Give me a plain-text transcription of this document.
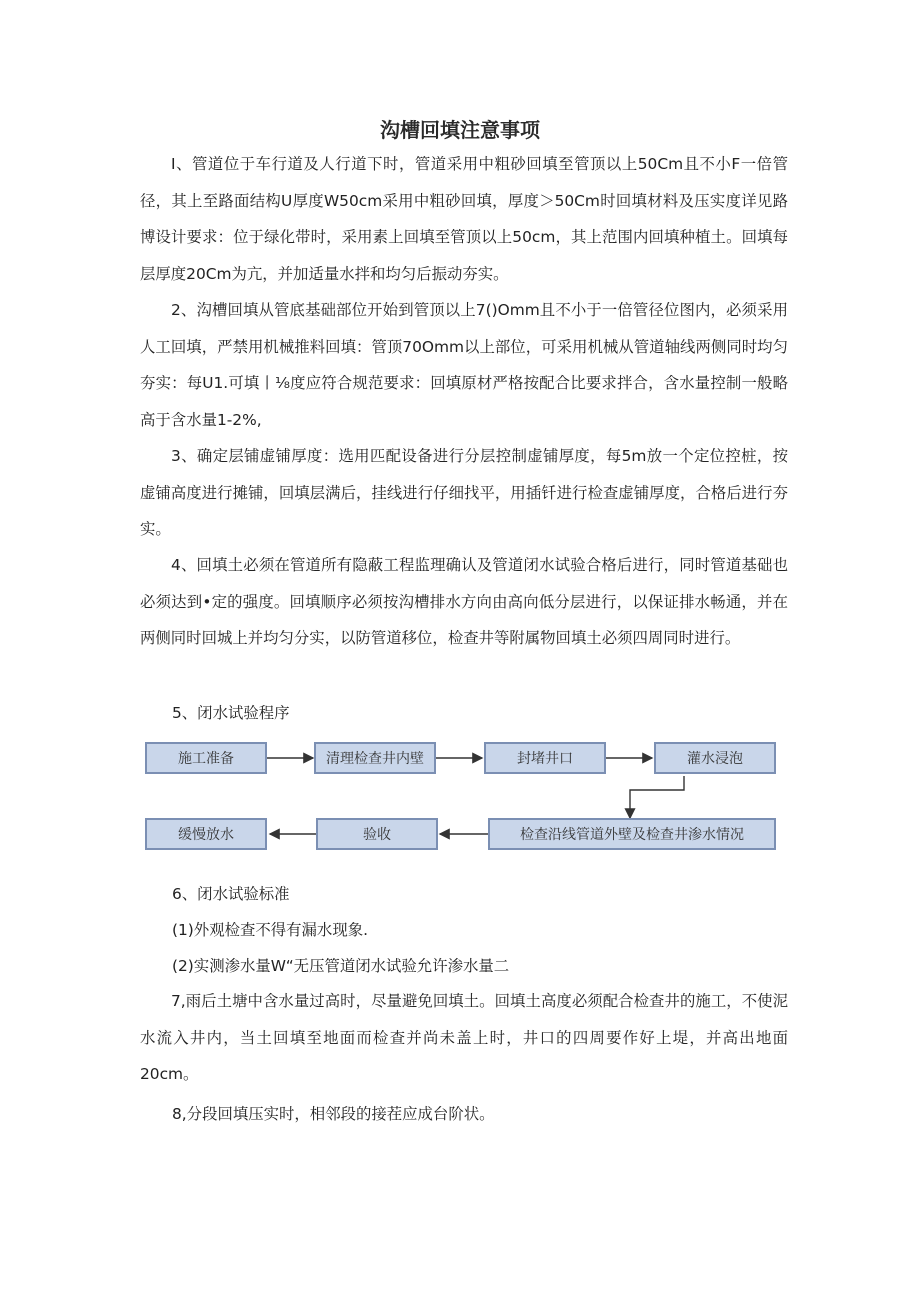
沟槽回填注意事项

I、管道位于车行道及人行道下时，管道采用中粗砂回填至管顶以上50Cm且不小F一倍管径，其上至路面结构U厚度W50cm采用中粗砂回填，厚度＞50Cm时回填材料及压实度详见路博设计要求：位于绿化带时，采用素上回填至管顶以上50cm，其上范围内回填种植土。回填每层厚度20Cm为亢，并加适量水拌和均匀后振动夯实。

2、沟槽回填从管底基础部位开始到管顶以上7()Omm且不小于一倍管径位图内，必须采用人工回填，严禁用机械推料回填：管顶70Omm以上部位，可采用机械从管道轴线两侧同时均匀夯实：每U1.可填丨⅛度应符合规范要求：回填原材严格按配合比要求拌合，含水量控制一般略高于含水量1-2%,

3、确定层铺虚铺厚度：选用匹配设备进行分层控制虚铺厚度，每5m放一个定位控桩，按虚铺高度进行摊铺，回填层满后，挂线进行仔细找平，用插钎进行检查虚铺厚度，合格后进行夯实。

4、回填土必须在管道所有隐蔽工程监理确认及管道闭水试验合格后进行，同时管道基础也必须达到•定的强度。回填顺序必须按沟槽排水方向由高向低分层进行，以保证排水畅通，并在两侧同时回城上并均匀分实，以防管道移位，检查井等附属物回填土必须四周同时进行。

5、闭水试验程序

施工准备	清理检查井内壁	封堵井口	灌水浸泡
检查沿线管道外壁及检查井渗水情况
验收
缓慢放水

6、闭水试验标准

(1)外观检查不得有漏水现象.

(2)实测渗水量W“无压管道闭水试验允许渗水量二

7,雨后土塘中含水量过高时，尽量避免回填土。回填土高度必须配合检查井的施工，不使泥水流入井内，当土回填至地面而检查并尚未盖上时，井口的四周要作好上堤，并高出地面20cm。

8,分段回填压实时，相邻段的接茬应成台阶状。
